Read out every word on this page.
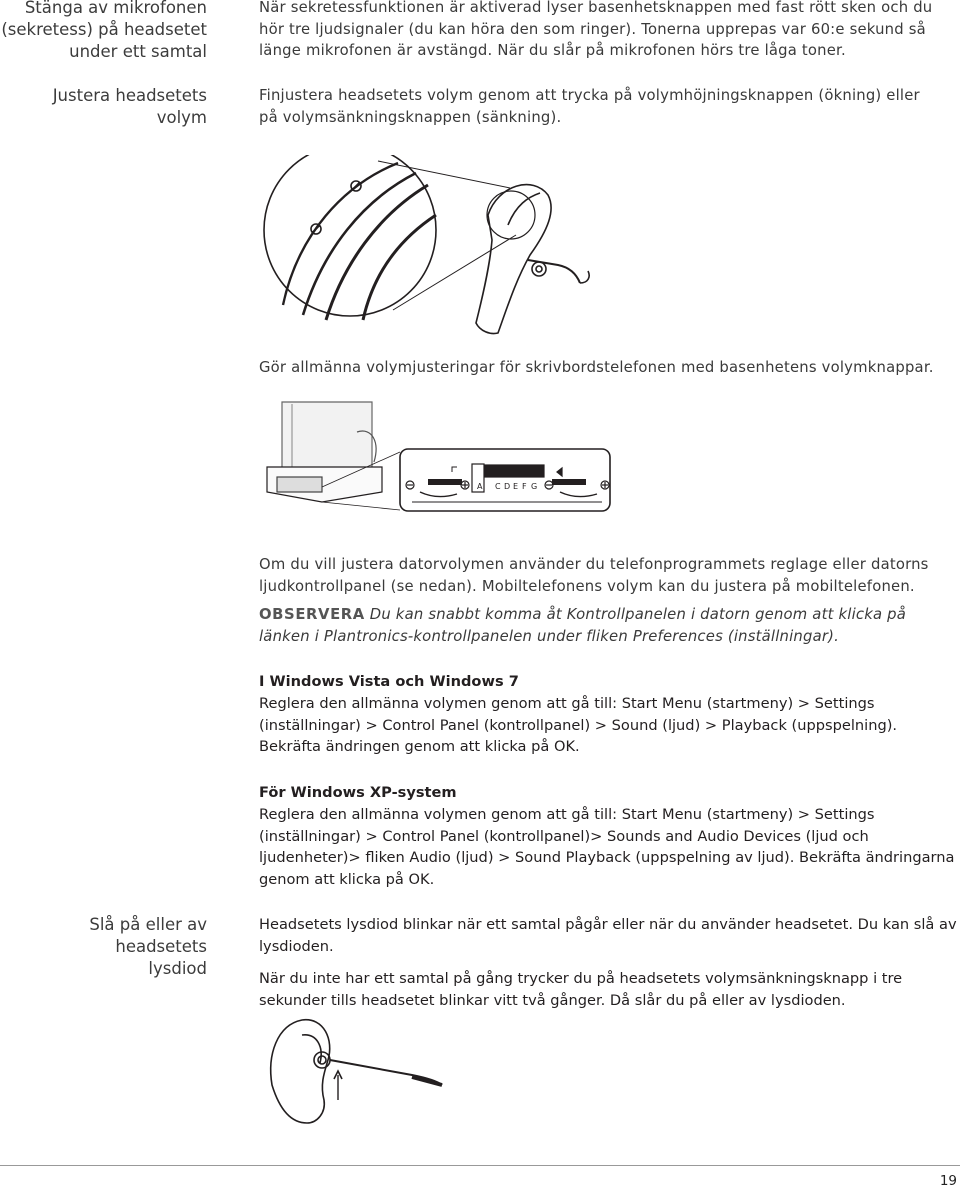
Stänga av mikrofonen
(sekretess) på headsetet
under ett samtal
När sekretessfunktionen är aktiverad lyser basenhetsknappen med fast rött sken och du hör tre ljudsignaler (du kan höra den som ringer). Tonerna upprepas var 60:e sekund så länge mikrofonen är avstängd. När du slår på mikrofonen hörs tre låga toner.
Justera headsetets volym
Finjustera headsetets volym genom att trycka på volymhöjningsknappen (ökning) eller på volymsänkningsknappen (sänkning).
Gör allmänna volymjusteringar för skrivbordstelefonen med basenhetens volymknappar.
A C D E F G
Om du vill justera datorvolymen använder du telefonprogrammets reglage eller datorns ljudkontrollpanel (se nedan). Mobiltelefonens volym kan du justera på mobiltelefonen.
OBSERVERA Du kan snabbt komma åt Kontrollpanelen i datorn genom att klicka på länken i Plantronics-kontrollpanelen under fliken Preferences (inställningar).
I Windows Vista och Windows 7
Reglera den allmänna volymen genom att gå till: Start Menu (startmeny) > Settings (inställningar) > Control Panel (kontrollpanel) > Sound (ljud) > Playback (uppspelning). Bekräfta ändringen genom att klicka på OK.
För Windows XP-system
Reglera den allmänna volymen genom att gå till: Start Menu (startmeny) > Settings (inställningar) > Control Panel (kontrollpanel)> Sounds and Audio Devices (ljud och ljudenheter)> fliken Audio (ljud) > Sound Playback (uppspelning av ljud). Bekräfta ändringarna genom att klicka på OK.
Slå på eller av headsetets
lysdiod
Headsetets lysdiod blinkar när ett samtal pågår eller när du använder headsetet. Du kan slå av lysdioden.
När du inte har ett samtal på gång trycker du på headsetets volymsänkningsknapp i tre sekunder tills headsetet blinkar vitt två gånger. Då slår du på eller av lysdioden.
19
